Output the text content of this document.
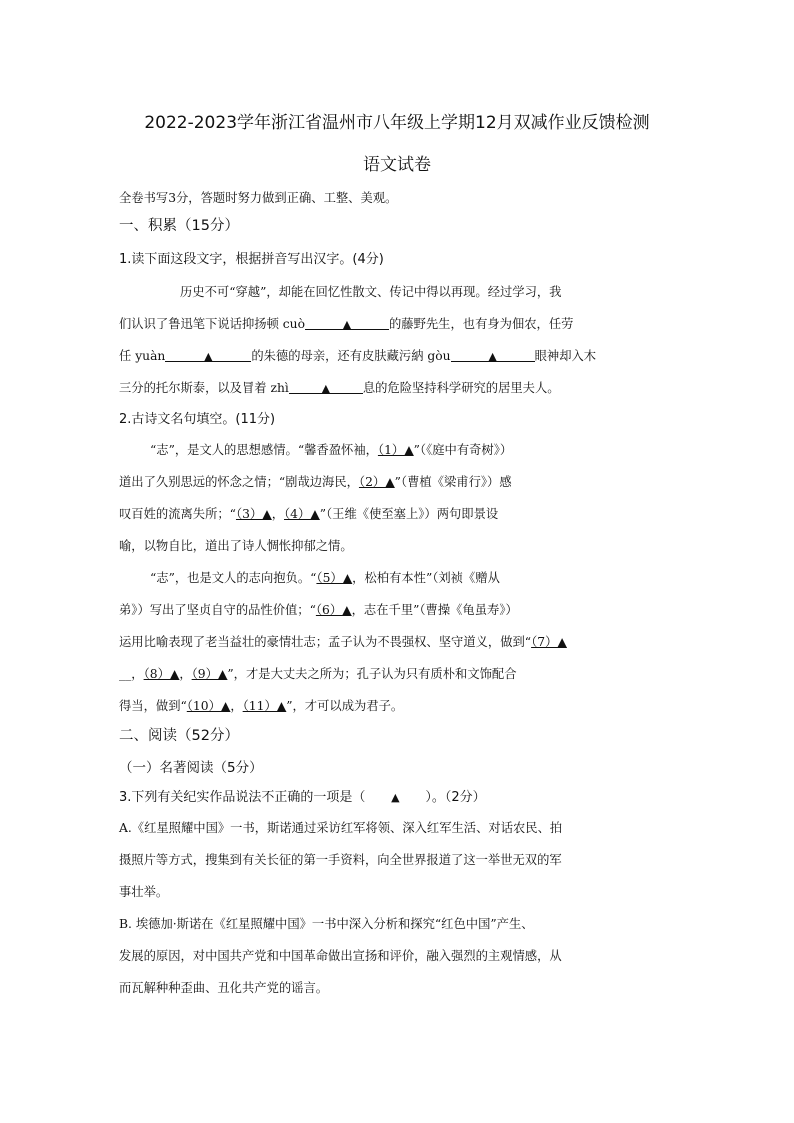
2022-2023学年浙江省温州市八年级上学期12月双减作业反馈检测
语文试卷
全卷书写3分，答题时努力做到正确、工整、美观。
一、积累（15分）
1.读下面这段文字，根据拼音写出汉字。(4分)
历史不可“穿越”，却能在回忆性散文、传记中得以再现。经过学习，我
们认识了鲁迅笔下说话抑扬顿 cuò	▲	的藤野先生，也有身为佃农，任劳
任 yuàn	▲	的朱德的母亲，还有皮肤藏污納 gòu	▲	眼神却入木
三分的托尔斯泰，以及冒着 zhì	▲	息的危险坚持科学研究的居里夫人。
2.古诗文名句填空。(11分)
“志”，是文人的思想感情。“馨香盈怀袖，（1）▲”（《庭中有奇树》）
道出了久别思远的怀念之情；“剧哉边海民，（2）▲”（曹植《梁甫行》）感
叹百姓的流离失所；“（3）▲，（4）▲”（王维《使至塞上》）两句即景设
喻，以物自比，道出了诗人惆怅抑郁之情。
“志”，也是文人的志向抱负。“（5）▲，松柏有本性”（刘祯《赠从
弟》）写出了坚贞自守的品性价值；“（6）▲，志在千里”（曹操《龟虽寿》）
运用比喻表现了老当益壮的豪情壮志；孟子认为不畏强权、坚守道义，做到“（7）▲
__，（8）▲，（9）▲”，才是大丈夫之所为；孔子认为只有质朴和文饰配合
得当，做到“（10）▲，（11）▲”，才可以成为君子。
二、阅读（52分）
（一）名著阅读（5分）
3.下列有关纪实作品说法不正确的一项是（ ▲ ）。（2分）
A.《红星照耀中国》一书，斯诺通过采访红军将领、深入红军生活、对话农民、拍
摄照片等方式，搜集到有关长征的第一手资料，向全世界报道了这一举世无双的军
事壮举。
B. 埃德加·斯诺在《红星照耀中国》一书中深入分析和探究“红色中国”产生、
发展的原因，对中国共产党和中国革命做出宣扬和评价，融入强烈的主观情感，从
而瓦解种种歪曲、丑化共产党的谣言。
